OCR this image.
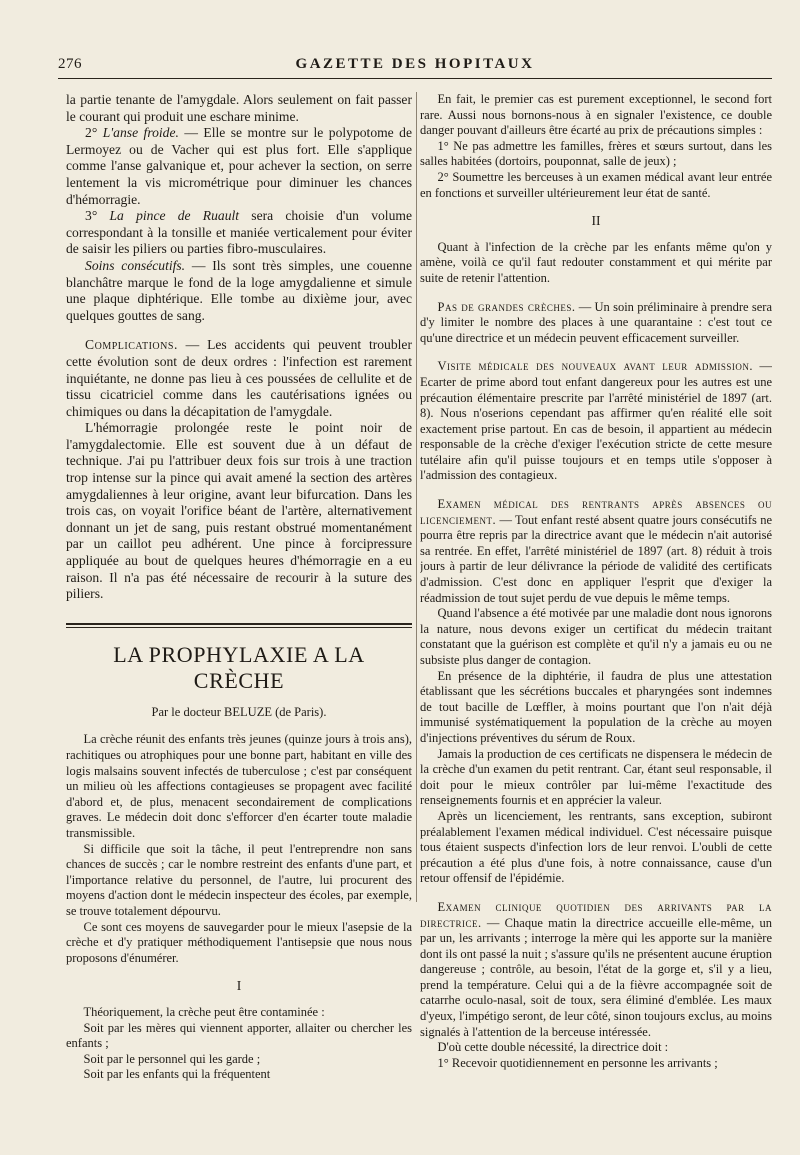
276	GAZETTE DES HOPITAUX

la partie tenante de l'amygdale. Alors seulement on fait passer le courant qui produit une eschare minime.

2° L'anse froide. — Elle se montre sur le polypotome de Lermoyez ou de Vacher qui est plus fort. Elle s'applique comme l'anse galvanique et, pour achever la section, on serre lentement la vis micrométrique pour diminuer les chances d'hémorragie.

3° La pince de Ruault sera choisie d'un volume correspondant à la tonsille et maniée verticalement pour éviter de saisir les piliers ou parties fibro-musculaires.

Soins consécutifs. — Ils sont très simples, une couenne blanchâtre marque le fond de la loge amygdalienne et simule une plaque diphtérique. Elle tombe au dixième jour, avec quelques gouttes de sang.

Complications. — Les accidents qui peuvent troubler cette évolution sont de deux ordres : l'infection est rarement inquiétante, ne donne pas lieu à ces poussées de cellulite et de tissu cicatriciel comme dans les cautérisations ignées ou chimiques ou dans la décapitation de l'amygdale.

L'hémorragie prolongée reste le point noir de l'amygdalectomie. Elle est souvent due à un défaut de technique. J'ai pu l'attribuer deux fois sur trois à une traction trop intense sur la pince qui avait amené la section des artères amygdaliennes à leur origine, avant leur bifurcation. Dans les trois cas, on voyait l'orifice béant de l'artère, alternativement donnant un jet de sang, puis restant obstrué momentanément par un caillot peu adhérent. Une pince à forcipressure appliquée au bout de quelques heures d'hémorragie en a eu raison. Il n'a pas été nécessaire de recourir à la suture des piliers.

LA PROPHYLAXIE A LA CRÈCHE
Par le docteur BELUZE (de Paris).

La crèche réunit des enfants très jeunes (quinze jours à trois ans), rachitiques ou atrophiques pour une bonne part, habitant en ville des logis malsains souvent infectés de tuberculose ; c'est par conséquent un milieu où les affections contagieuses se propagent avec facilité d'abord et, de plus, menacent secondairement de complications graves. Le médecin doit donc s'efforcer d'en écarter toute maladie transmissible.

Si difficile que soit la tâche, il peut l'entreprendre non sans chances de succès ; car le nombre restreint des enfants d'une part, et l'importance relative du personnel, de l'autre, lui procurent des moyens d'action dont le médecin inspecteur des écoles, par exemple, se trouve totalement dépourvu.

Ce sont ces moyens de sauvegarder pour le mieux l'asepsie de la crèche et d'y pratiquer méthodiquement l'antisepsie que nous nous proposons d'énumérer.

I

Théoriquement, la crèche peut être contaminée :

Soit par les mères qui viennent apporter, allaiter ou chercher les enfants ;

Soit par le personnel qui les garde ;

Soit par les enfants qui la fréquentent

En fait, le premier cas est purement exceptionnel, le second fort rare. Aussi nous bornons-nous à en signaler l'existence, ce double danger pouvant d'ailleurs être écarté au prix de précautions simples :

1° Ne pas admettre les familles, frères et sœurs surtout, dans les salles habitées (dortoirs, pouponnat, salle de jeux) ;

2° Soumettre les berceuses à un examen médical avant leur entrée en fonctions et surveiller ultérieurement leur état de santé.

II

Quant à l'infection de la crèche par les enfants même qu'on y amène, voilà ce qu'il faut redouter constamment et qui mérite par suite de retenir l'attention.

Pas de grandes crèches. — Un soin préliminaire à prendre sera d'y limiter le nombre des places à une quarantaine : c'est tout ce qu'une directrice et un médecin peuvent efficacement surveiller.

Visite médicale des nouveaux avant leur admission. — Ecarter de prime abord tout enfant dangereux pour les autres est une précaution élémentaire prescrite par l'arrêté ministériel de 1897 (art. 8). Nous n'oserions cependant pas affirmer qu'en réalité elle soit exactement prise partout. En cas de besoin, il appartient au médecin responsable de la crèche d'exiger l'exécution stricte de cette mesure tutélaire afin qu'il puisse toujours et en temps utile s'opposer à l'admission des contagieux.

Examen médical des rentrants après absences ou licenciement. — Tout enfant resté absent quatre jours consécutifs ne pourra être repris par la directrice avant que le médecin n'ait autorisé sa rentrée. En effet, l'arrêté ministériel de 1897 (art. 8) réduit à trois jours à partir de leur délivrance la période de validité des certificats d'admission. C'est donc en appliquer l'esprit que d'exiger la réadmission de tout sujet perdu de vue depuis le même temps.

Quand l'absence a été motivée par une maladie dont nous ignorons la nature, nous devons exiger un certificat du médecin traitant constatant que la guérison est complète et qu'il n'y a jamais eu ou ne subsiste plus danger de contagion.

En présence de la diphtérie, il faudra de plus une attestation établissant que les sécrétions buccales et pharyngées sont indemnes de tout bacille de Lœffler, à moins pourtant que l'on n'ait déjà immunisé systématiquement la population de la crèche au moyen d'injections préventives du sérum de Roux.

Jamais la production de ces certificats ne dispensera le médecin de la crèche d'un examen du petit rentrant. Car, étant seul responsable, il doit pour le mieux contrôler par lui-même l'exactitude des renseignements fournis et en apprécier la valeur.

Après un licenciement, les rentrants, sans exception, subiront préalablement l'examen médical individuel. C'est nécessaire puisque tous étaient suspects d'infection lors de leur renvoi. L'oubli de cette précaution a été plus d'une fois, à notre connaissance, cause d'un retour offensif de l'épidémie.

Examen clinique quotidien des arrivants par la directrice. — Chaque matin la directrice accueille elle-même, un par un, les arrivants ; interroge la mère qui les apporte sur la manière dont ils ont passé la nuit ; s'assure qu'ils ne présentent aucune éruption dangereuse ; contrôle, au besoin, l'état de la gorge et, s'il y a lieu, prend la température. Celui qui a de la fièvre accompagnée soit de catarrhe oculo-nasal, soit de toux, sera éliminé d'emblée. Les maux d'yeux, l'impétigo seront, de leur côté, sinon toujours exclus, au moins signalés à l'attention de la berceuse intéressée.

D'où cette double nécessité, la directrice doit :

1° Recevoir quotidiennement en personne les arrivants ;
